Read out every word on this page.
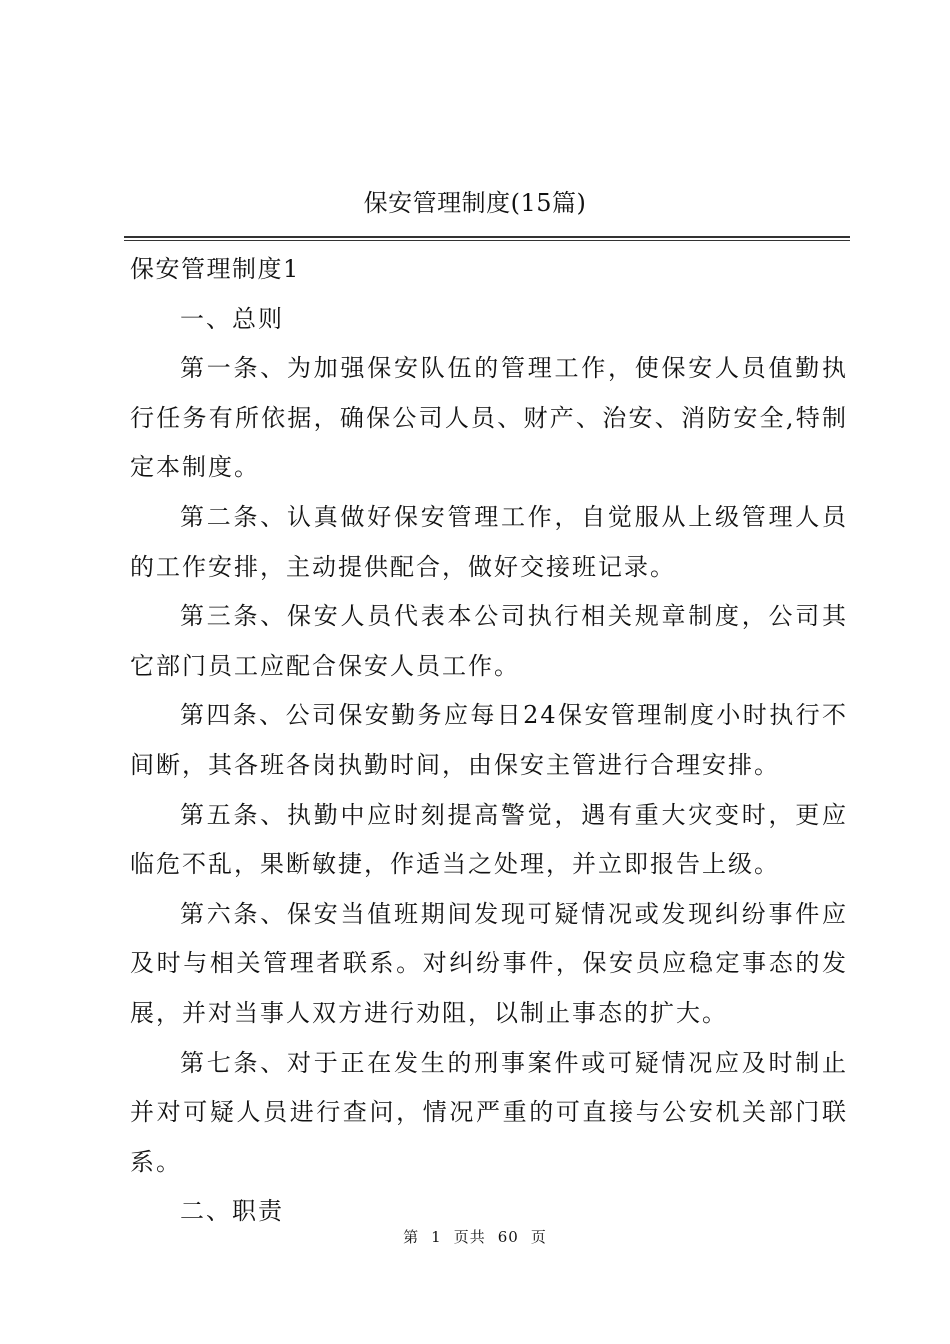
保安管理制度(15篇)

保安管理制度1

一、总则

第一条、为加强保安队伍的管理工作，使保安人员值勤执行任务有所依据，确保公司人员、财产、治安、消防安全,特制定本制度。

第二条、认真做好保安管理工作，自觉服从上级管理人员的工作安排，主动提供配合，做好交接班记录。

第三条、保安人员代表本公司执行相关规章制度，公司其它部门员工应配合保安人员工作。

第四条、公司保安勤务应每日24保安管理制度小时执行不间断，其各班各岗执勤时间，由保安主管进行合理安排。

第五条、执勤中应时刻提高警觉，遇有重大灾变时，更应临危不乱，果断敏捷，作适当之处理，并立即报告上级。

第六条、保安当值班期间发现可疑情况或发现纠纷事件应及时与相关管理者联系。对纠纷事件，保安员应稳定事态的发展，并对当事人双方进行劝阻，以制止事态的扩大。

第七条、对于正在发生的刑事案件或可疑情况应及时制止并对可疑人员进行查问，情况严重的可直接与公安机关部门联系。

二、职责

第 1 页共 60 页
